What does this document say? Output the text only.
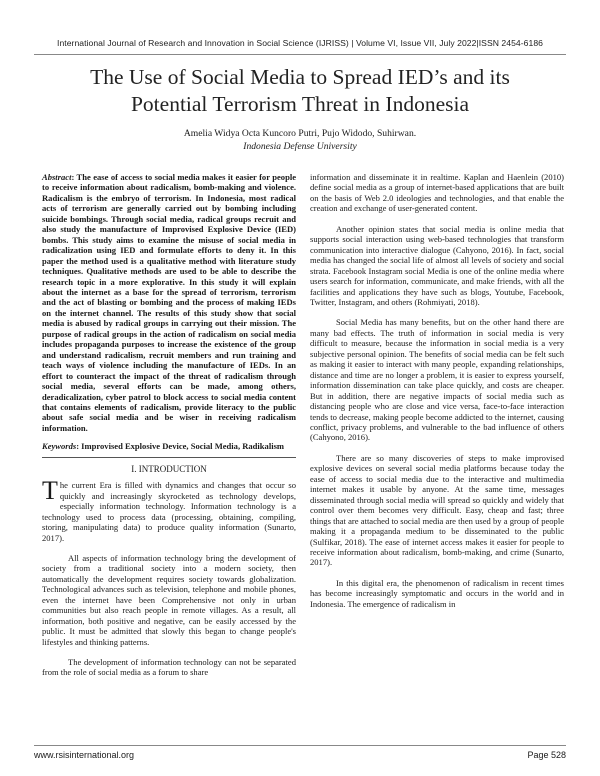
International Journal of Research and Innovation in Social Science (IJRISS) | Volume VI, Issue VII, July 2022|ISSN 2454-6186
The Use of Social Media to Spread IED’s and its
Potential Terrorism Threat in Indonesia
Amelia Widya Octa Kuncoro Putri, Pujo Widodo, Suhirwan.
Indonesia Defense University

Abstract: The ease of access to social media makes it easier for people to receive information about radicalism, bomb-making and violence. Radicalism is the embryo of terrorism. In Indonesia, most radical acts of terrorism are generally carried out by bombing including suicide bombings. Through social media, radical groups recruit and also study the manufacture of Improvised Explosive Device (IED) bombs. This study aims to examine the misuse of social media in radicalization using IED and formulate efforts to deny it. In this paper the method used is a qualitative method with literature study techniques. Qualitative methods are used to be able to describe the research topic in a more explorative. In this study it will explain about the internet as a base for the spread of terrorism, terrorism and the act of blasting or bombing and the process of making IEDs on the internet channel. The results of this study show that social media is abused by radical groups in carrying out their mission. The purpose of radical groups in the action of radicalism on social media includes propaganda purposes to increase the existence of the group and understand radicalism, recruit members and run training and teach ways of violence including the manufacture of IEDs. In an effort to counteract the impact of the threat of radicalism through social media, several efforts can be made, among others, deradicalization, cyber patrol to block access to social media content that contains elements of radicalism, provide literacy to the public about safe social media and be wiser in receiving radicalism information.

Keywords: Improvised Explosive Device, Social Media, Radikalism

I. INTRODUCTION

The current Era is filled with dynamics and changes that occur so quickly and increasingly skyrocketed as technology develops, especially information technology. Information technology is a technology used to process data (processing, obtaining, compiling, storing, manipulating data) to produce quality information (Sunarto, 2017).

All aspects of information technology bring the development of society from a traditional society into a modern society, then automatically the development requires society towards globalization. Technological advances such as television, telephone and mobile phones, even the internet have been Comprehensive not only in urban communities but also reach people in remote villages. As a result, all information, both positive and negative, can be easily accessed by the public. It must be admitted that slowly this began to change people's lifestyles and thinking patterns.

The development of information technology can not be separated from the role of social media as a forum to share

information and disseminate it in realtime. Kaplan and Haenlein (2010) define social media as a group of internet-based applications that are built on the basis of Web 2.0 ideologies and technologies, and that enable the creation and exchange of user-generated content.

Another opinion states that social media is online media that supports social interaction using web-based technologies that transform communication into interactive dialogue (Cahyono, 2016). In fact, social media has changed the social life of almost all levels of society and social strata. Facebook Instagram social Media is one of the online media where users search for information, communicate, and make friends, with all the facilities and applications they have such as blogs, Youtube, Facebook, Twitter, Instagram, and others (Rohmiyati, 2018).

Social Media has many benefits, but on the other hand there are many bad effects. The truth of information in social media is very difficult to measure, because the information in social media is a very subjective personal opinion. The benefits of social media can be felt such as making it easier to interact with many people, expanding relationships, distance and time are no longer a problem, it is easier to express yourself, information dissemination can take place quickly, and costs are cheaper. But in addition, there are negative impacts of social media such as distancing people who are close and vice versa, face-to-face interaction tends to decrease, making people become addicted to the internet, causing conflict, privacy problems, and vulnerable to the bad influence of others (Cahyono, 2016).

There are so many discoveries of steps to make improvised explosive devices on several social media platforms because today the ease of access to social media due to the interactive and multimedia internet makes it usable by anyone. At the same time, messages disseminated through social media will spread so quickly and widely that control over them becomes very difficult. Easy, cheap and fast; three things that are attached to social media are then used by a group of people making it a propaganda medium to be disseminated to the public (Sulfikar, 2018). The ease of internet access makes it easier for people to receive information about radicalism, bomb-making, and crime (Sunarto, 2017).

In this digital era, the phenomenon of radicalism in recent times has become increasingly symptomatic and occurs in the world and in Indonesia. The emergence of radicalism in

www.rsisinternational.org	Page 528
